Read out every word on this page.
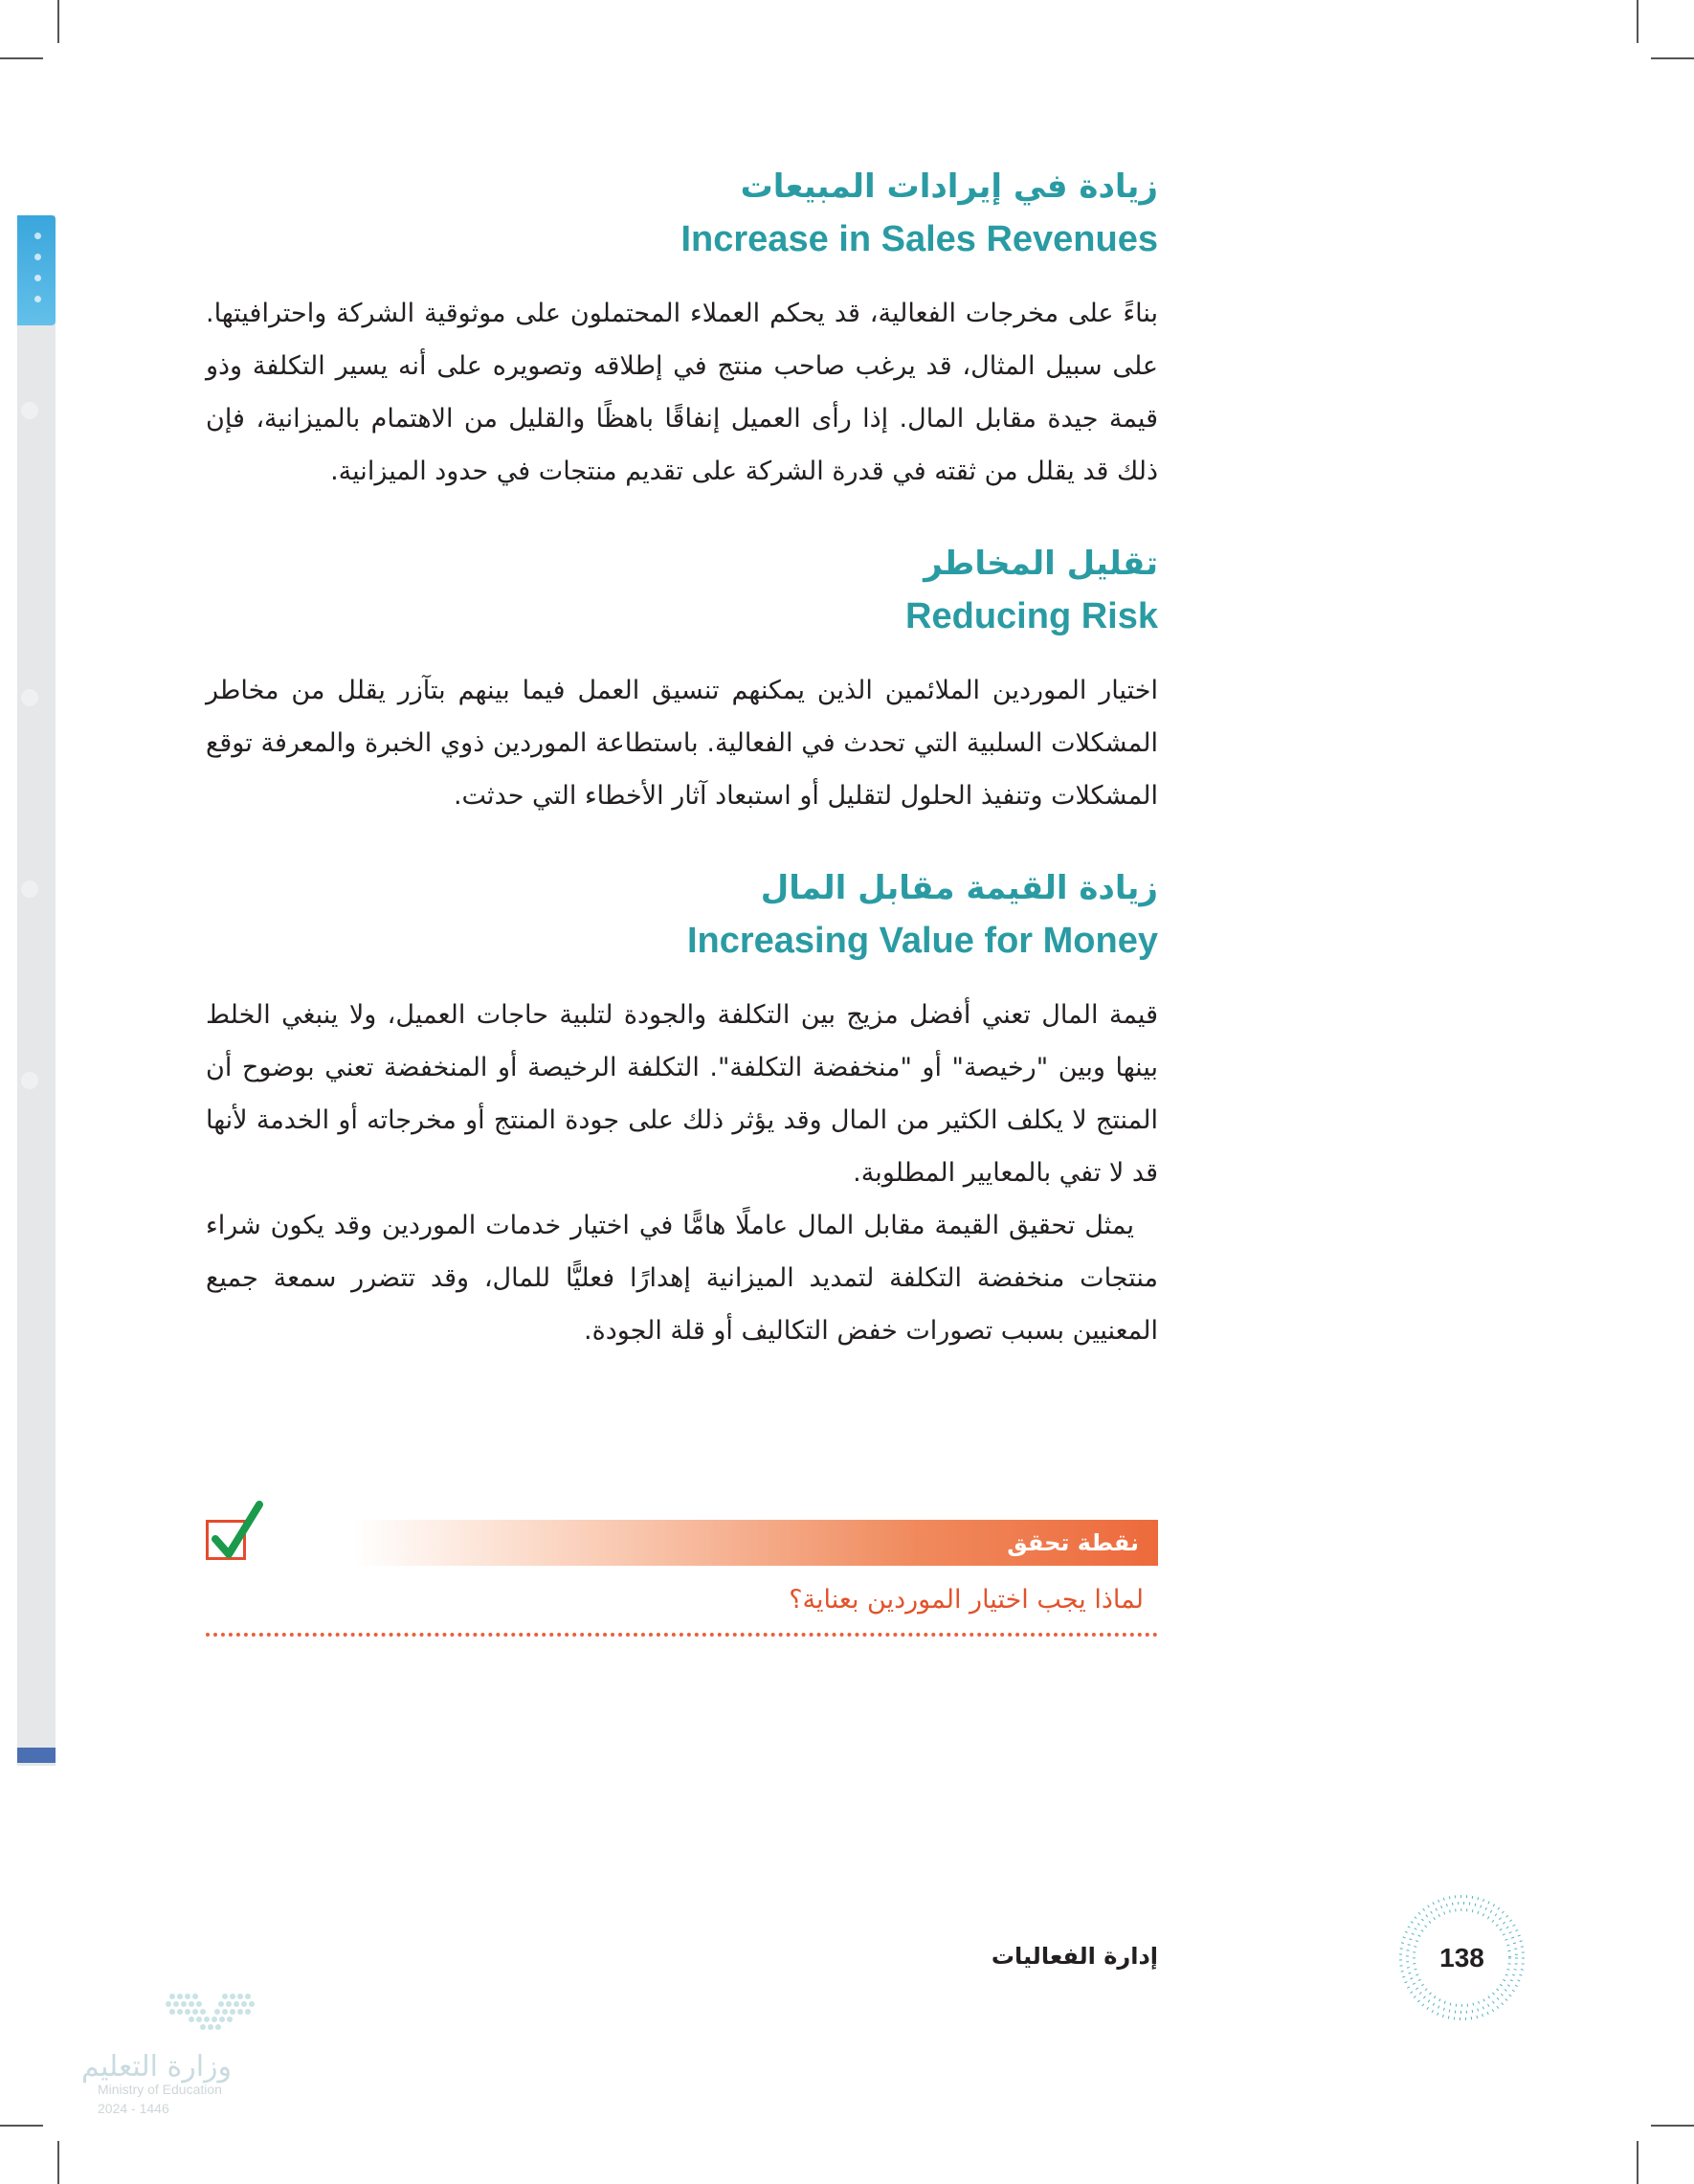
زيادة في إيرادات المبيعات
Increase in Sales Revenues

بناءً على مخرجات الفعالية، قد يحكم العملاء المحتملون على موثوقية الشركة واحترافيتها. على سبيل المثال، قد يرغب صاحب منتج في إطلاقه وتصويره على أنه يسير التكلفة وذو قيمة جيدة مقابل المال. إذا رأى العميل إنفاقًا باهظًا والقليل من الاهتمام بالميزانية، فإن ذلك قد يقلل من ثقته في قدرة الشركة على تقديم منتجات في حدود الميزانية.

تقليل المخاطر
Reducing Risk

اختيار الموردين الملائمين الذين يمكنهم تنسيق العمل فيما بينهم بتآزر يقلل من مخاطر المشكلات السلبية التي تحدث في الفعالية. باستطاعة الموردين ذوي الخبرة والمعرفة توقع المشكلات وتنفيذ الحلول لتقليل أو استبعاد آثار الأخطاء التي حدثت.

زيادة القيمة مقابل المال
Increasing Value for Money

قيمة المال تعني أفضل مزيج بين التكلفة والجودة لتلبية حاجات العميل، ولا ينبغي الخلط بينها وبين "رخيصة" أو "منخفضة التكلفة". التكلفة الرخيصة أو المنخفضة تعني بوضوح أن المنتج لا يكلف الكثير من المال وقد يؤثر ذلك على جودة المنتج أو مخرجاته أو الخدمة لأنها قد لا تفي بالمعايير المطلوبة.

يمثل تحقيق القيمة مقابل المال عاملًا هامًّا في اختيار خدمات الموردين وقد يكون شراء منتجات منخفضة التكلفة لتمديد الميزانية إهدارًا فعليًّا للمال، وقد تتضرر سمعة جميع المعنيين بسبب تصورات خفض التكاليف أو قلة الجودة.

نقطة تحقق
لماذا يجب اختيار الموردين بعناية؟
إدارة الفعاليات	138
وزارة التعليم
Ministry of Education
2024 - 1446
